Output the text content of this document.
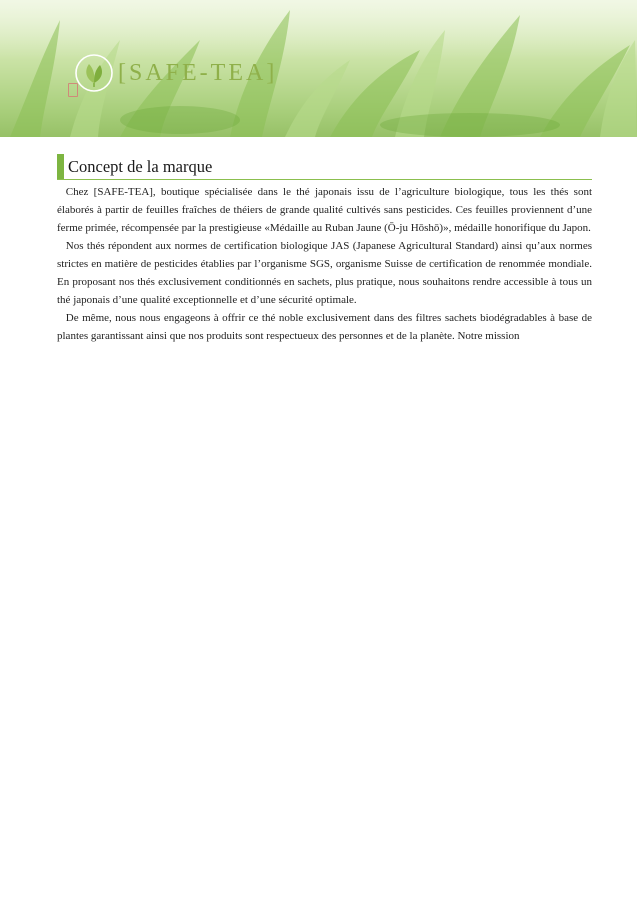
[SAFE-TEA]
Concept de la marque

Chez [SAFE-TEA], boutique spécialisée dans le thé japonais issu de l’agriculture biologique, tous les thés sont élaborés à partir de feuilles fraîches de théiers de grande qualité cultivés sans pesticides. Ces feuilles proviennent d’une ferme primée, récompensée par la prestigieuse «Médaille au Ruban Jaune (Ō-ju Hōshō)», médaille honorifique du Japon.

Nos thés répondent aux normes de certification biologique JAS (Japanese Agricultural Standard) ainsi qu’aux normes strictes en matière de pesticides établies par l’organisme SGS, organisme Suisse de certification de renommée mondiale. En proposant nos thés exclusivement conditionnés en sachets, plus pratique, nous souhaitons rendre accessible à tous un thé japonais d’une qualité exceptionnelle et d’une sécurité optimale.

De même, nous nous engageons à offrir ce thé noble exclusivement dans des filtres sachets biodégradables à base de plantes garantissant ainsi que nos produits sont respectueux des personnes et de la planète. Notre mission
